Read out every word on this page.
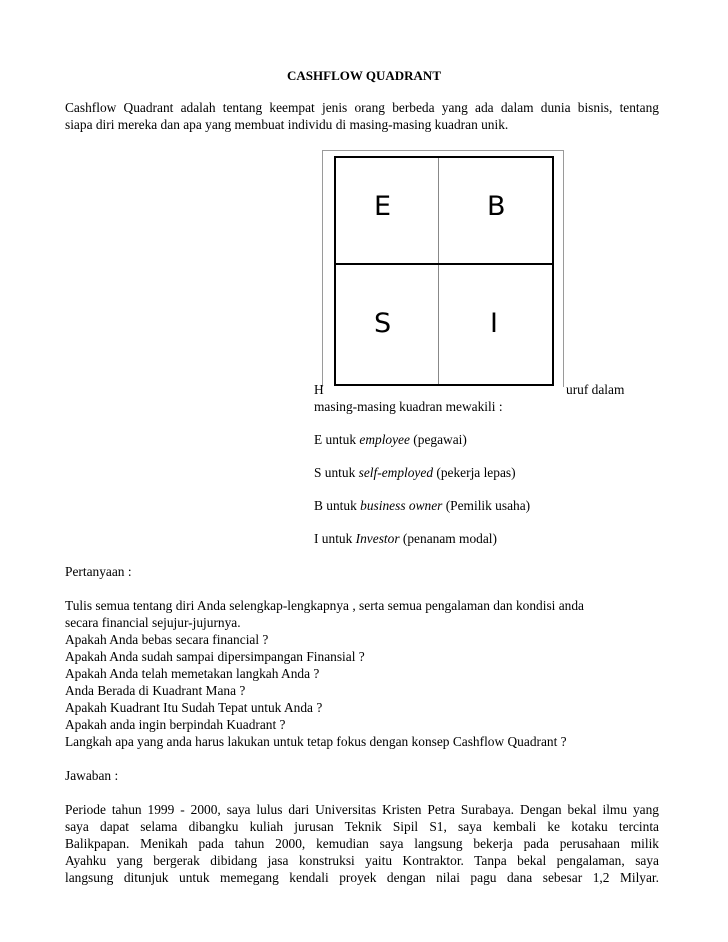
CASHFLOW QUADRANT
Cashflow Quadrant adalah tentang keempat jenis orang berbeda yang ada dalam dunia bisnis, tentang
siapa diri mereka dan apa yang membuat individu di masing-masing kuadran unik.
H	uruf dalam
E	B
S	I
masing-masing kuadran mewakili :
E untuk employee (pegawai)
S untuk self-employed (pekerja lepas)
B untuk business owner (Pemilik usaha)
I untuk Investor (penanam modal)
Pertanyaan :
Tulis semua tentang diri Anda selengkap-lengkapnya , serta semua pengalaman dan kondisi anda
secara financial sejujur-jujurnya.
Apakah Anda bebas secara financial ?
Apakah Anda sudah sampai dipersimpangan Finansial ?
Apakah Anda telah memetakan langkah Anda ?
Anda Berada di Kuadrant Mana ?
Apakah Kuadrant Itu Sudah Tepat untuk Anda ?
Apakah anda ingin berpindah Kuadrant ?
Langkah apa yang anda harus lakukan untuk tetap fokus dengan konsep Cashflow Quadrant ?
Jawaban :
Periode tahun 1999 - 2000, saya lulus dari Universitas Kristen Petra Surabaya. Dengan bekal ilmu yang
saya dapat selama dibangku kuliah jurusan Teknik Sipil S1, saya kembali ke kotaku tercinta
Balikpapan. Menikah pada tahun 2000, kemudian saya langsung bekerja pada perusahaan milik
Ayahku yang bergerak dibidang jasa konstruksi yaitu Kontraktor. Tanpa bekal pengalaman, saya
langsung ditunjuk untuk memegang kendali proyek dengan nilai pagu dana sebesar 1,2 Milyar.
